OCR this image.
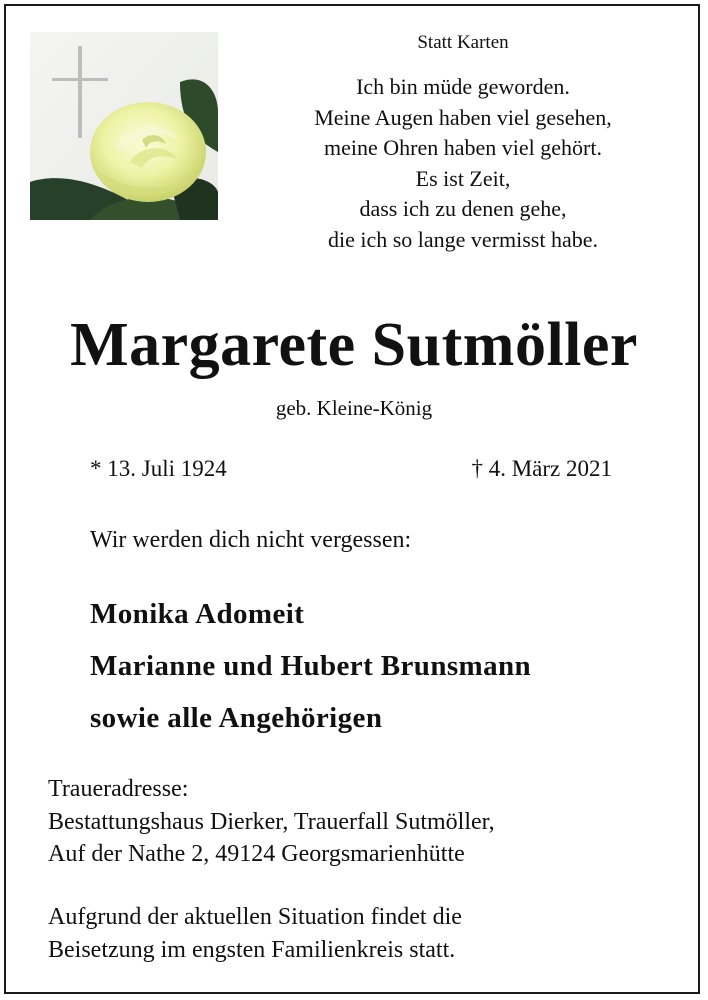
Statt Karten
Ich bin müde geworden.
Meine Augen haben viel gesehen,
meine Ohren haben viel gehört.
Es ist Zeit,
dass ich zu denen gehe,
die ich so lange vermisst habe.
Margarete Sutmöller
geb. Kleine-König
* 13. Juli 1924	† 4. März 2021
Wir werden dich nicht vergessen:
Monika Adomeit
Marianne und Hubert Brunsmann
sowie alle Angehörigen
Traueradresse:
Bestattungshaus Dierker, Trauerfall Sutmöller,
Auf der Nathe 2, 49124 Georgsmarienhütte
Aufgrund der aktuellen Situation findet die
Beisetzung im engsten Familienkreis statt.
